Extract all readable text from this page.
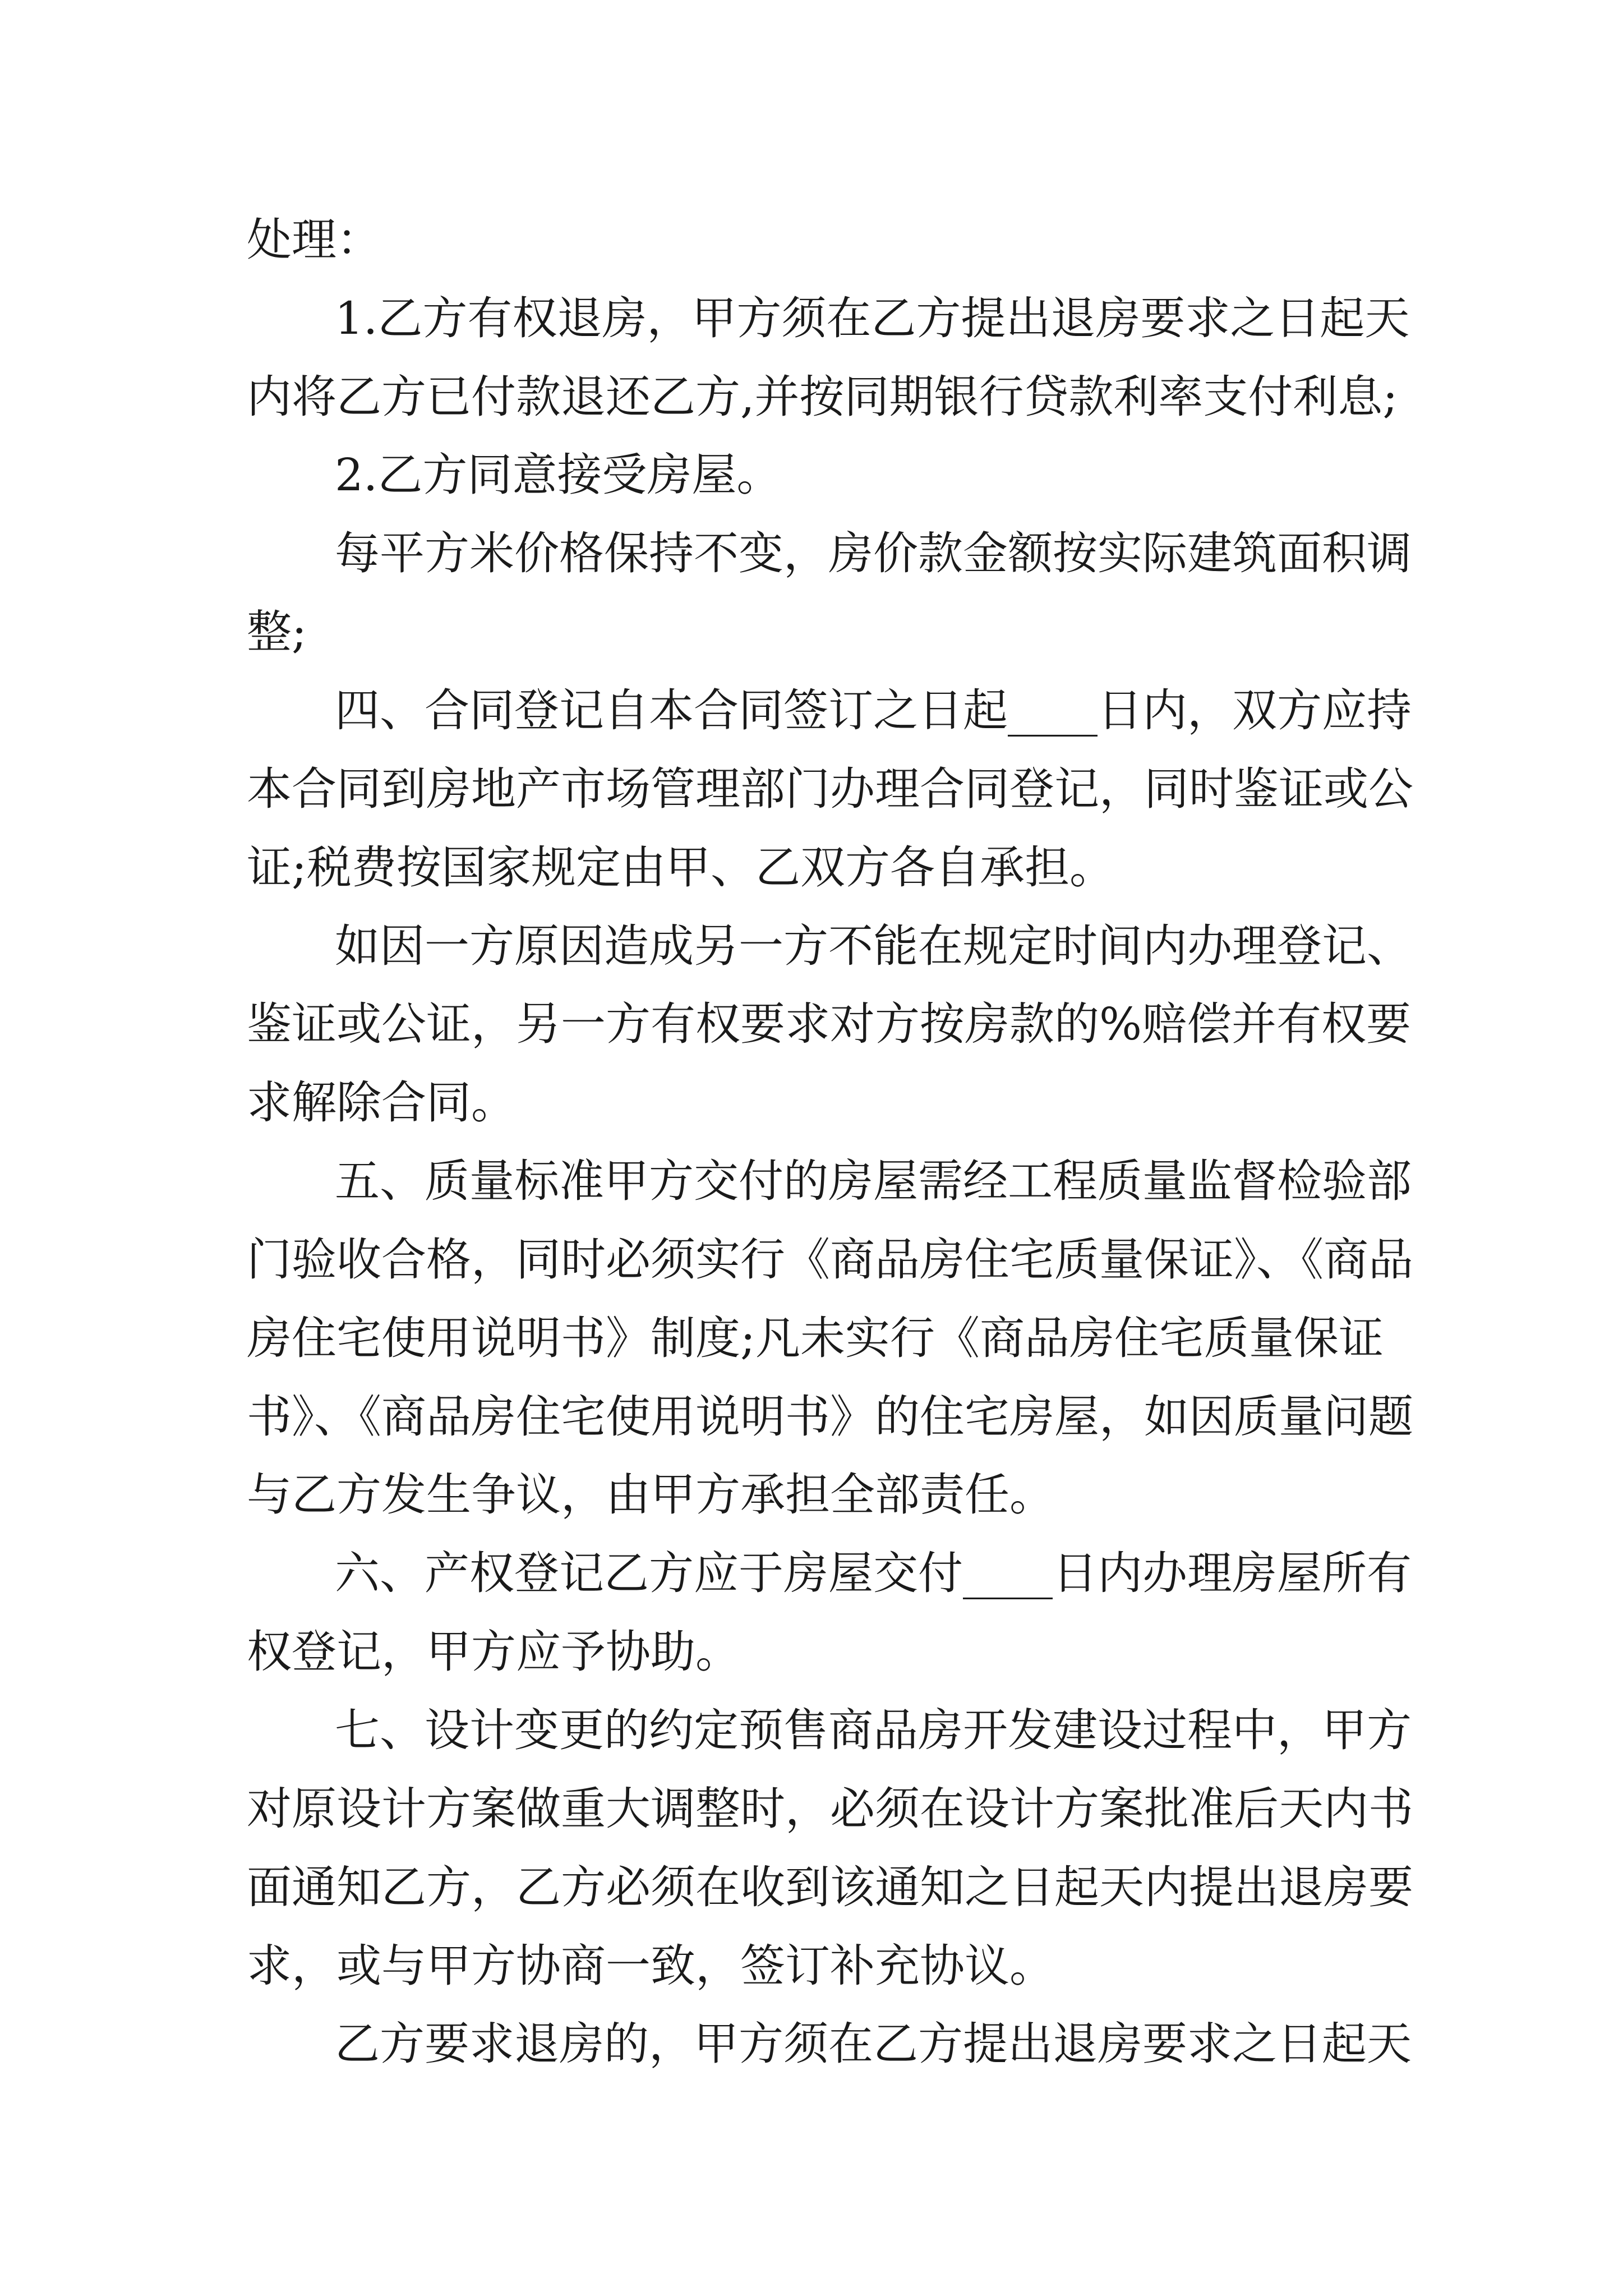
处理：

1.乙方有权退房，甲方须在乙方提出退房要求之日起天

内将乙方已付款退还乙方,并按同期银行贷款利率支付利息;

2.乙方同意接受房屋。

每平方米价格保持不变，房价款金额按实际建筑面积调

整;

四、合同登记自本合同签订之日起____日内，双方应持

本合同到房地产市场管理部门办理合同登记，同时鉴证或公

证;税费按国家规定由甲、乙双方各自承担。

如因一方原因造成另一方不能在规定时间内办理登记、

鉴证或公证，另一方有权要求对方按房款的%赔偿并有权要

求解除合同。

五、质量标准甲方交付的房屋需经工程质量监督检验部

门验收合格，同时必须实行《商品房住宅质量保证》、《商品

房住宅使用说明书》制度;凡未实行《商品房住宅质量保证

书》、《商品房住宅使用说明书》的住宅房屋，如因质量问题

与乙方发生争议，由甲方承担全部责任。

六、产权登记乙方应于房屋交付____日内办理房屋所有

权登记，甲方应予协助。

七、设计变更的约定预售商品房开发建设过程中，甲方

对原设计方案做重大调整时，必须在设计方案批准后天内书

面通知乙方，乙方必须在收到该通知之日起天内提出退房要

求，或与甲方协商一致，签订补充协议。

乙方要求退房的，甲方须在乙方提出退房要求之日起天
